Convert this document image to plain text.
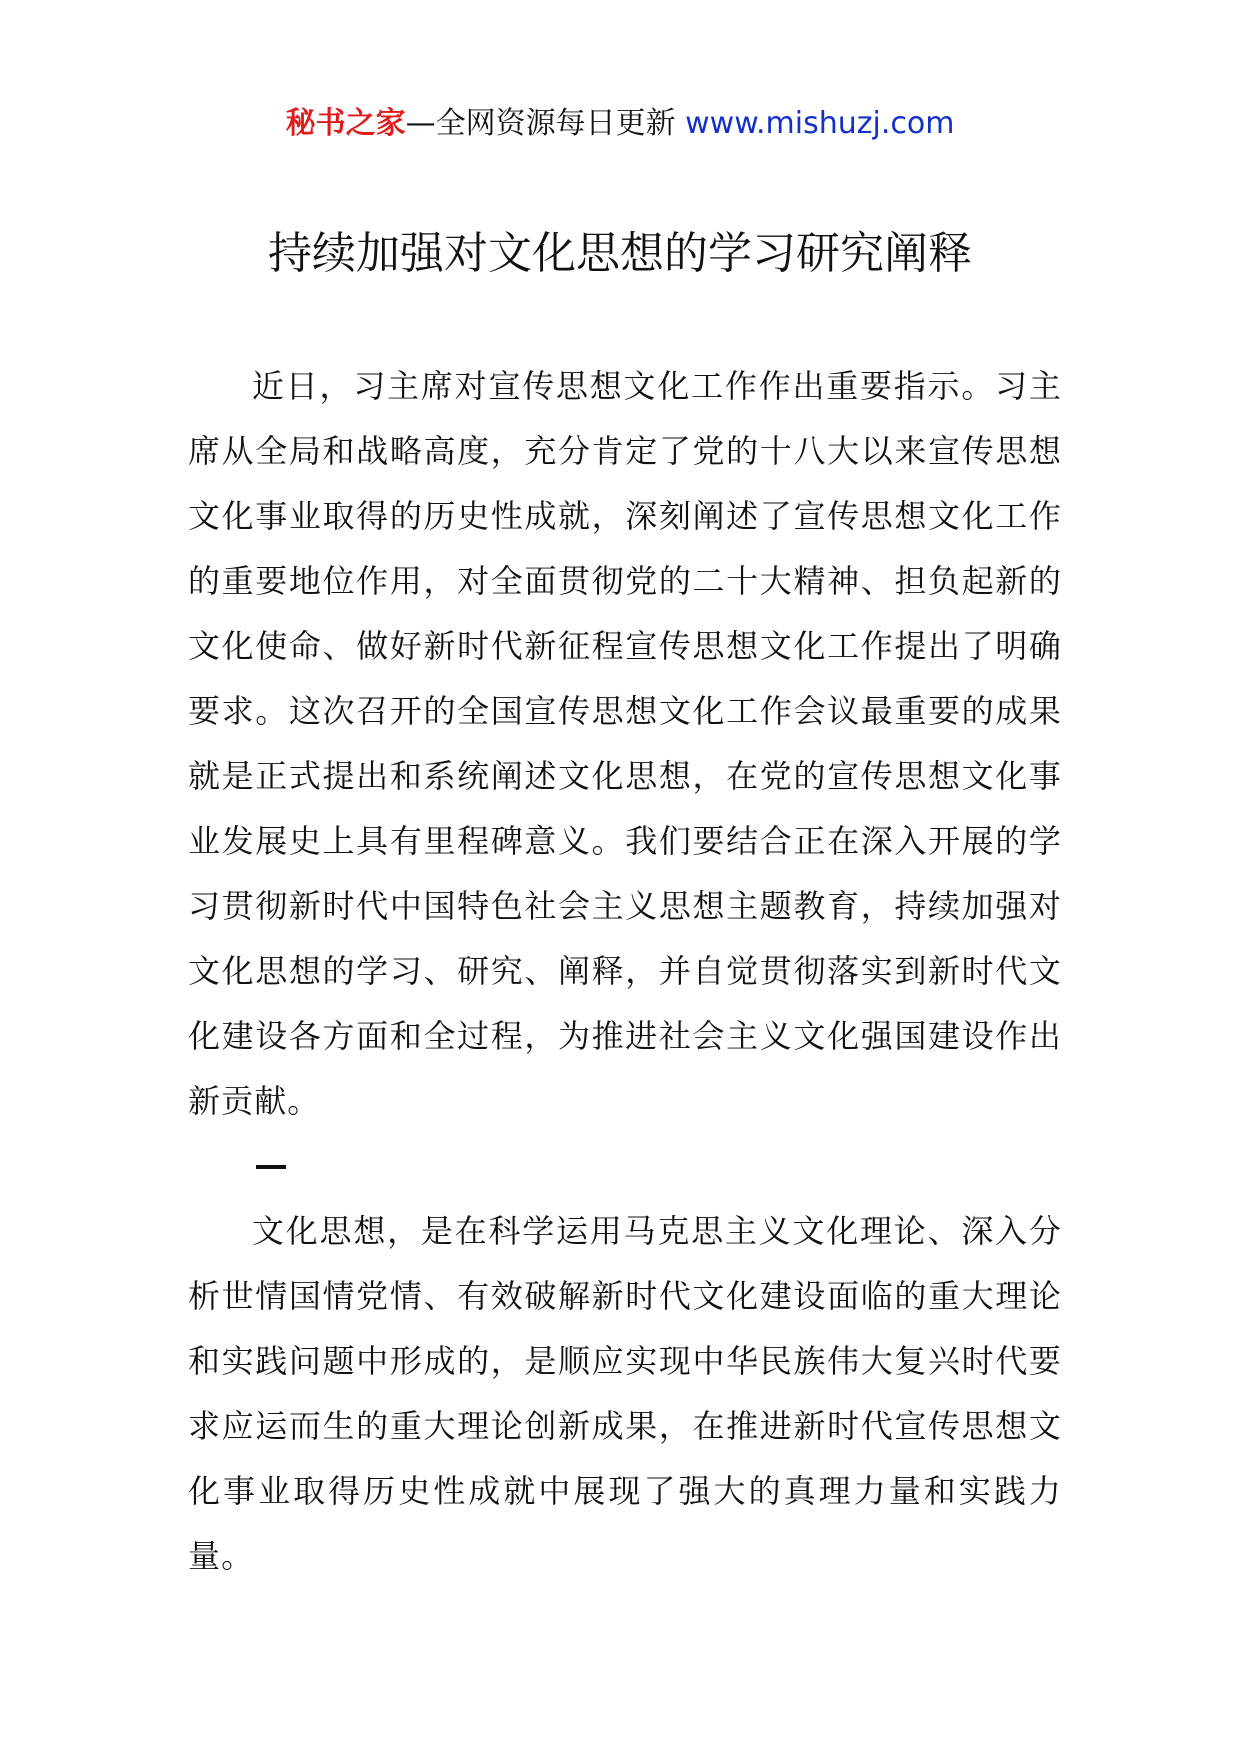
秘书之家—全网资源每日更新 www.mishuzj.com
持续加强对文化思想的学习研究阐释

近日，习主席对宣传思想文化工作作出重要指示。习主席从全局和战略高度，充分肯定了党的十八大以来宣传思想文化事业取得的历史性成就，深刻阐述了宣传思想文化工作的重要地位作用，对全面贯彻党的二十大精神、担负起新的文化使命、做好新时代新征程宣传思想文化工作提出了明确要求。这次召开的全国宣传思想文化工作会议最重要的成果就是正式提出和系统阐述文化思想，在党的宣传思想文化事业发展史上具有里程碑意义。我们要结合正在深入开展的学习贯彻新时代中国特色社会主义思想主题教育，持续加强对文化思想的学习、研究、阐释，并自觉贯彻落实到新时代文化建设各方面和全过程，为推进社会主义文化强国建设作出新贡献。

文化思想，是在科学运用马克思主义文化理论、深入分析世情国情党情、有效破解新时代文化建设面临的重大理论和实践问题中形成的，是顺应实现中华民族伟大复兴时代要求应运而生的重大理论创新成果，在推进新时代宣传思想文化事业取得历史性成就中展现了强大的真理力量和实践力量。
